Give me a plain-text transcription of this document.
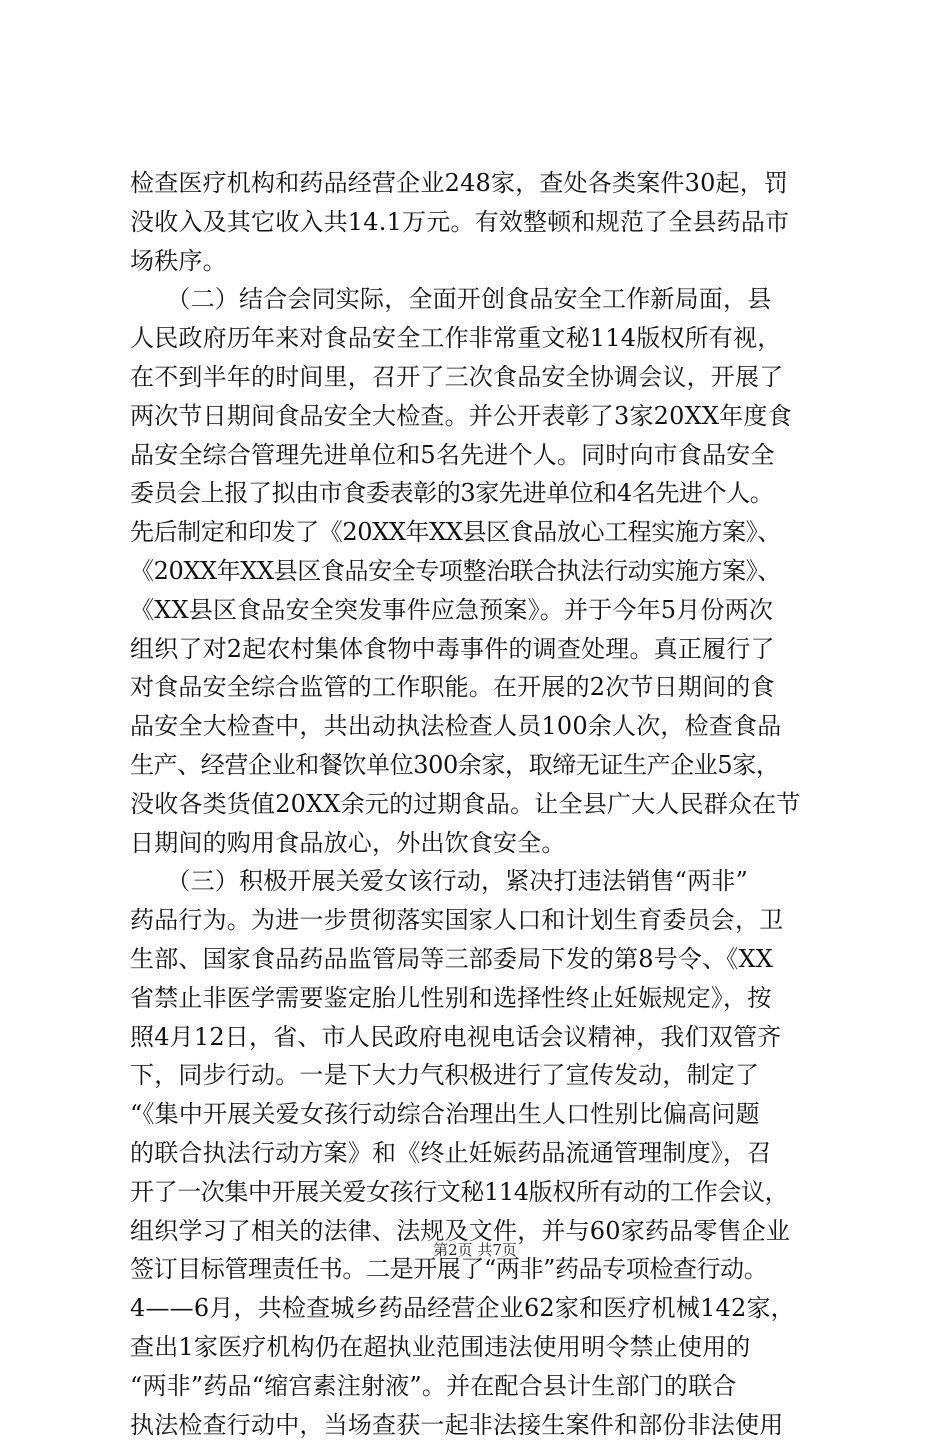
检查医疗机构和药品经营企业248家，查处各类案件30起，罚
没收入及其它收入共14.1万元。有效整顿和规范了全县药品市
场秩序。
　　（二）结合会同实际，全面开创食品安全工作新局面，县
人民政府历年来对食品安全工作非常重文秘114版权所有视，
在不到半年的时间里，召开了三次食品安全协调会议，开展了
两次节日期间食品安全大检查。并公开表彰了3家20XX年度食
品安全综合管理先进单位和5名先进个人。同时向市食品安全
委员会上报了拟由市食委表彰的3家先进单位和4名先进个人。
先后制定和印发了《20XX年XX县区食品放心工程实施方案》、
《20XX年XX县区食品安全专项整治联合执法行动实施方案》、
《XX县区食品安全突发事件应急预案》。并于今年5月份两次
组织了对2起农村集体食物中毒事件的调查处理。真正履行了
对食品安全综合监管的工作职能。在开展的2次节日期间的食
品安全大检查中，共出动执法检查人员100余人次，检查食品
生产、经营企业和餐饮单位300余家，取缔无证生产企业5家，
没收各类货值20XX余元的过期食品。让全县广大人民群众在节
日期间的购用食品放心，外出饮食安全。
　　（三）积极开展关爱女该行动，紧决打违法销售“两非”
药品行为。为进一步贯彻落实国家人口和计划生育委员会，卫
生部、国家食品药品监管局等三部委局下发的第8号令、《XX
省禁止非医学需要鉴定胎儿性别和选择性终止妊娠规定》，按
照4月12日，省、市人民政府电视电话会议精神，我们双管齐
下，同步行动。一是下大力气积极进行了宣传发动，制定了
“《集中开展关爱女孩行动综合治理出生人口性别比偏高问题
的联合执法行动方案》和《终止妊娠药品流通管理制度》，召
开了一次集中开展关爱女孩行文秘114版权所有动的工作会议，
组织学习了相关的法律、法规及文件，并与60家药品零售企业
签订目标管理责任书。二是开展了“两非”药品专项检查行动。
4——6月，共检查城乡药品经营企业62家和医疗机械142家，
查出1家医疗机构仍在超执业范围违法使用明令禁止使用的
“两非”药品“缩宫素注射液”。并在配合县计生部门的联合
执法检查行动中，当场查获一起非法接生案件和部份非法使用
第2页 共7页
